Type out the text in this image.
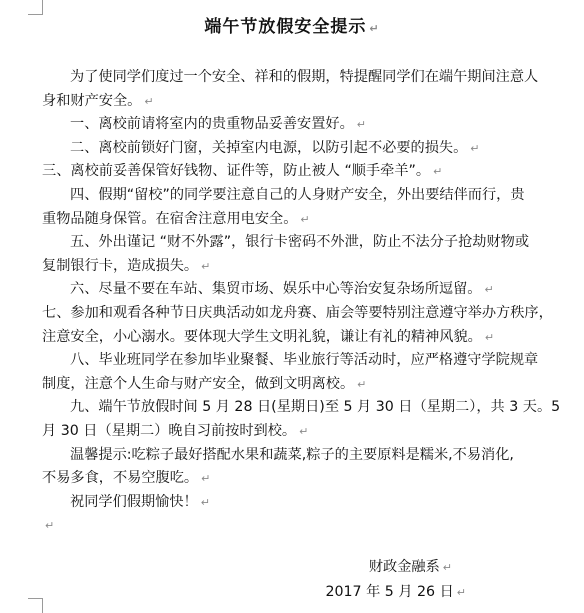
端午节放假安全提示 ↵

为了使同学们度过一个安全、祥和的假期，特提醒同学们在端午期间注意人
身和财产安全。 ↵

一、离校前请将室内的贵重物品妥善安置好。 ↵

二、离校前锁好门窗，关掉室内电源，以防引起不必要的损失。 ↵

三、离校前妥善保管好钱物、证件等，防止被人 “顺手牵羊”。 ↵

四、假期“留校”的同学要注意自己的人身财产安全，外出要结伴而行，贵
重物品随身保管。在宿舍注意用电安全。 ↵

五、外出谨记 “财不外露”，银行卡密码不外泄，防止不法分子抢劫财物或
复制银行卡，造成损失。 ↵

六、尽量不要在车站、集贸市场、娱乐中心等治安复杂场所逗留。 ↵

七、参加和观看各种节日庆典活动如龙舟赛、庙会等要特别注意遵守举办方秩序，
注意安全，小心溺水。要体现大学生文明礼貌，谦让有礼的精神风貌。 ↵

八、毕业班同学在参加毕业聚餐、毕业旅行等活动时，应严格遵守学院规章
制度，注意个人生命与财产安全，做到文明离校。 ↵

九、端午节放假时间 5 月 28 日(星期日)至 5 月 30 日（星期二），共 3 天。5
月 30 日（星期二）晚自习前按时到校。 ↵

温馨提示:吃粽子最好搭配水果和蔬菜,粽子的主要原料是糯米,不易消化,
不易多食，不易空腹吃。 ↵

祝同学们假期愉快！ ↵

↵

财政金融系 ↵
2017 年 5 月 26 日 ↵
